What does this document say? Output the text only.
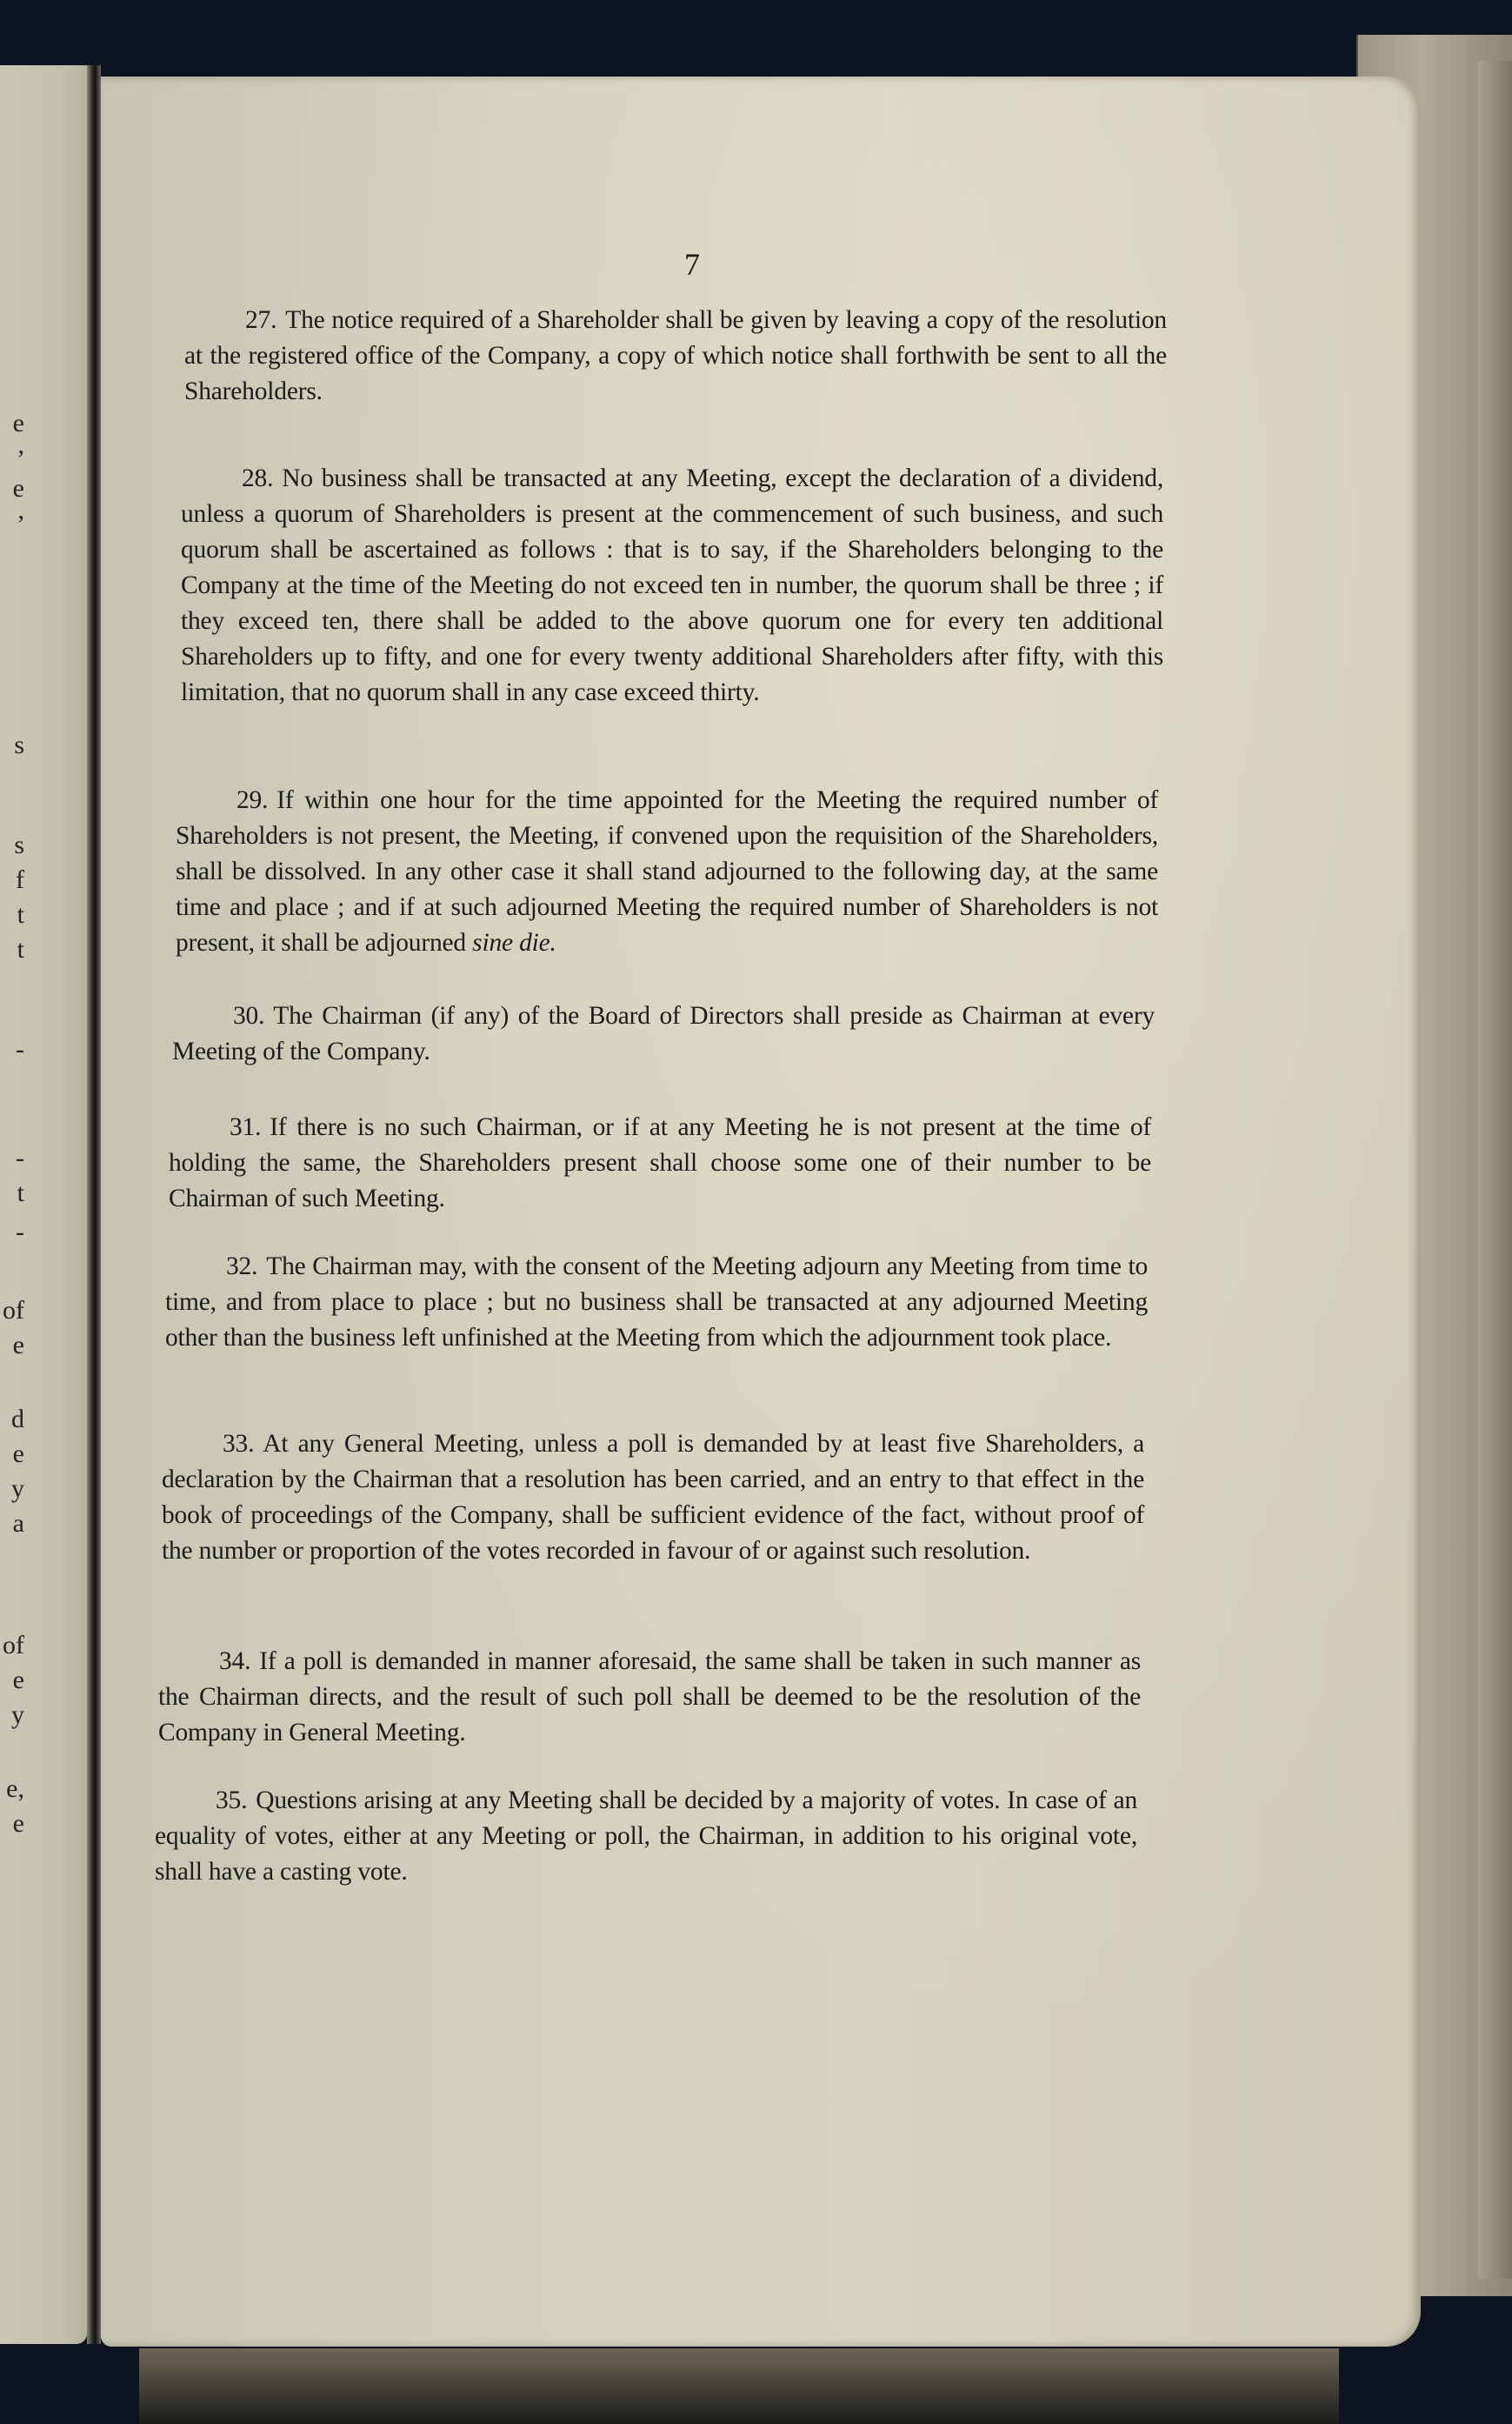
e
,
e
,
s
s
f
t
t
-
-
t
-
of
e
d
e
y
a
of
e
y
e,
e
7

27. The notice required of a Shareholder shall be given by leaving a copy of the resolution at the registered office of the Company, a copy of which notice shall forthwith be sent to all the Shareholders.

28. No business shall be transacted at any Meeting, except the declaration of a dividend, unless a quorum of Shareholders is present at the commencement of such business, and such quorum shall be ascertained as follows : that is to say, if the Shareholders belonging to the Company at the time of the Meeting do not exceed ten in number, the quorum shall be three ; if they exceed ten, there shall be added to the above quorum one for every ten additional Shareholders up to fifty, and one for every twenty additional Shareholders after fifty, with this limitation, that no quorum shall in any case exceed thirty.

29. If within one hour for the time appointed for the Meeting the required number of Shareholders is not present, the Meeting, if convened upon the requisition of the Shareholders, shall be dissolved. In any other case it shall stand adjourned to the following day, at the same time and place ; and if at such adjourned Meeting the required number of Shareholders is not present, it shall be adjourned sine die.

30. The Chairman (if any) of the Board of Directors shall preside as Chairman at every Meeting of the Company.

31. If there is no such Chairman, or if at any Meeting he is not present at the time of holding the same, the Shareholders present shall choose some one of their number to be Chairman of such Meeting.

32. The Chairman may, with the consent of the Meeting adjourn any Meeting from time to time, and from place to place ; but no business shall be transacted at any adjourned Meeting other than the business left unfinished at the Meeting from which the adjournment took place.

33. At any General Meeting, unless a poll is demanded by at least five Shareholders, a declaration by the Chairman that a resolution has been carried, and an entry to that effect in the book of proceedings of the Company, shall be sufficient evidence of the fact, without proof of the number or proportion of the votes recorded in favour of or against such resolution.

34. If a poll is demanded in manner aforesaid, the same shall be taken in such manner as the Chairman directs, and the result of such poll shall be deemed to be the resolution of the Company in General Meeting.

35. Questions arising at any Meeting shall be decided by a majority of votes. In case of an equality of votes, either at any Meeting or poll, the Chairman, in addition to his original vote, shall have a casting vote.
